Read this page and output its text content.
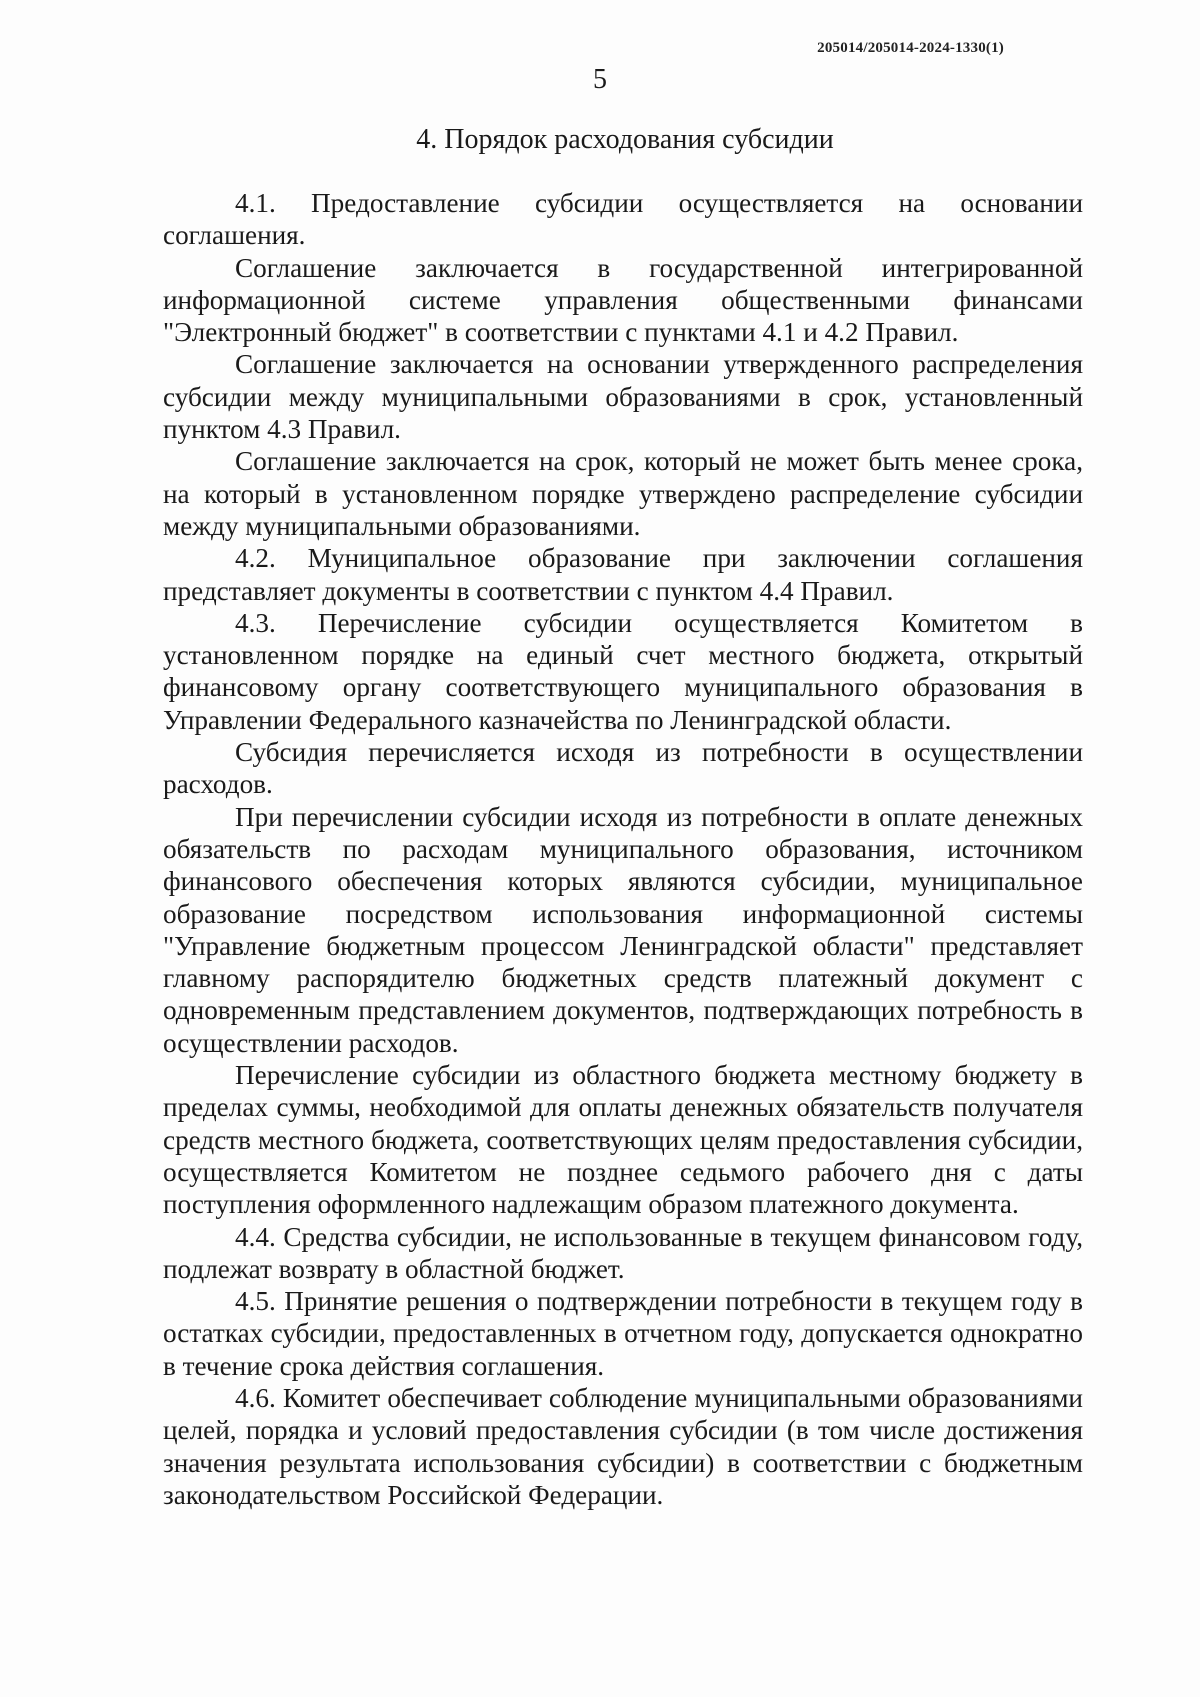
205014/205014-2024-1330(1)
5
4. Порядок расходования субсидии

4.1. Предоставление субсидии осуществляется на основании соглашения.

Соглашение заключается в государственной интегрированной информационной системе управления общественными финансами "Электронный бюджет" в соответствии с пунктами 4.1 и 4.2 Правил.

Соглашение заключается на основании утвержденного распределения субсидии между муниципальными образованиями в срок, установленный пунктом 4.3 Правил.

Соглашение заключается на срок, который не может быть менее срока, на который в установленном порядке утверждено распределение субсидии между муниципальными образованиями.

4.2. Муниципальное образование при заключении соглашения представляет документы в соответствии с пунктом 4.4 Правил.

4.3. Перечисление субсидии осуществляется Комитетом в установленном порядке на единый счет местного бюджета, открытый финансовому органу соответствующего муниципального образования в Управлении Федерального казначейства по Ленинградской области.

Субсидия перечисляется исходя из потребности в осуществлении расходов.

При перечислении субсидии исходя из потребности в оплате денежных обязательств по расходам муниципального образования, источником финансового обеспечения которых являются субсидии, муниципальное образование посредством использования информационной системы "Управление бюджетным процессом Ленинградской области" представляет главному распорядителю бюджетных средств платежный документ с одновременным представлением документов, подтверждающих потребность в осуществлении расходов.

Перечисление субсидии из областного бюджета местному бюджету в пределах суммы, необходимой для оплаты денежных обязательств получателя средств местного бюджета, соответствующих целям предоставления субсидии, осуществляется Комитетом не позднее седьмого рабочего дня с даты поступления оформленного надлежащим образом платежного документа.

4.4. Средства субсидии, не использованные в текущем финансовом году, подлежат возврату в областной бюджет.

4.5. Принятие решения о подтверждении потребности в текущем году в остатках субсидии, предоставленных в отчетном году, допускается однократно в течение срока действия соглашения.

4.6. Комитет обеспечивает соблюдение муниципальными образованиями целей, порядка и условий предоставления субсидии (в том числе достижения значения результата использования субсидии) в соответствии с бюджетным законодательством Российской Федерации.
